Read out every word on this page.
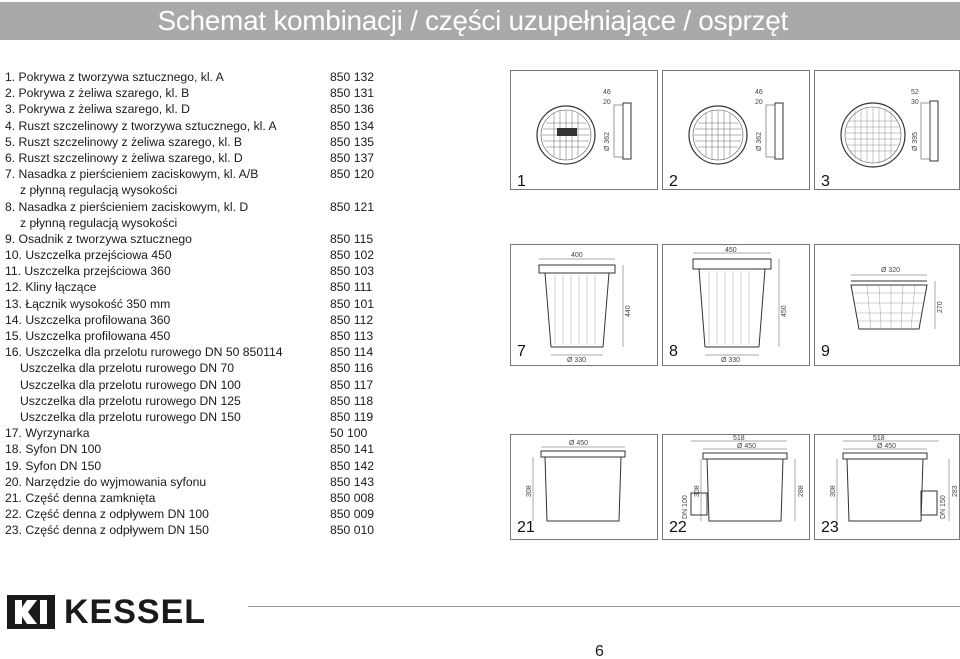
Schemat kombinacji / części uzupełniające / osprzęt
1. Pokrywa z tworzywa sztucznego, kl. A	850 132
2. Pokrywa z żeliwa szarego, kl. B	850 131
3. Pokrywa z żeliwa szarego, kl. D	850 136
4. Ruszt szczelinowy z tworzywa sztucznego, kl. A	850 134
5. Ruszt szczelinowy z żeliwa szarego, kl. B	850 135
6. Ruszt szczelinowy z żeliwa szarego, kl. D	850 137
7. Nasadka z pierścieniem zaciskowym, kl. A/B	850 120
z płynną regulacją wysokości
8. Nasadka z pierścieniem zaciskowym, kl. D	850 121
z płynną regulacją wysokości
9. Osadnik z tworzywa sztucznego	850 115
10. Uszczelka przejściowa 450	850 102
11. Uszczelka przejściowa 360	850 103
12. Kliny łączące	850 111
13. Łącznik wysokość 350 mm	850 101
14. Uszczelka profilowana 360	850 112
15. Uszczelka profilowana 450	850 113
16. Uszczelka dla przelotu rurowego DN 50 850114	850 114
Uszczelka dla przelotu rurowego DN 70	850 116
Uszczelka dla przelotu rurowego DN 100	850 117
Uszczelka dla przelotu rurowego DN 125	850 118
Uszczelka dla przelotu rurowego DN 150	850 119
17. Wyrzynarka	50 100
18. Syfon DN 100	850 141
19. Syfon DN 150	850 142
20. Narzędzie do wyjmowania syfonu	850 143
21. Część denna zamknięta	850 008
22. Część denna z odpływem DN 100	850 009
23. Część denna z odpływem DN 150	850 010
46
20
Ø 362
1
46
20
Ø 362
2
52
30
Ø 395
3
400
440
Ø 330
7
450
450
Ø 330
8
Ø 320
270
9
Ø 450
308
21
518
Ø 450
308	288
DN 100
22
518
Ø 450
308	283
DN 150
23
KESSEL
6
